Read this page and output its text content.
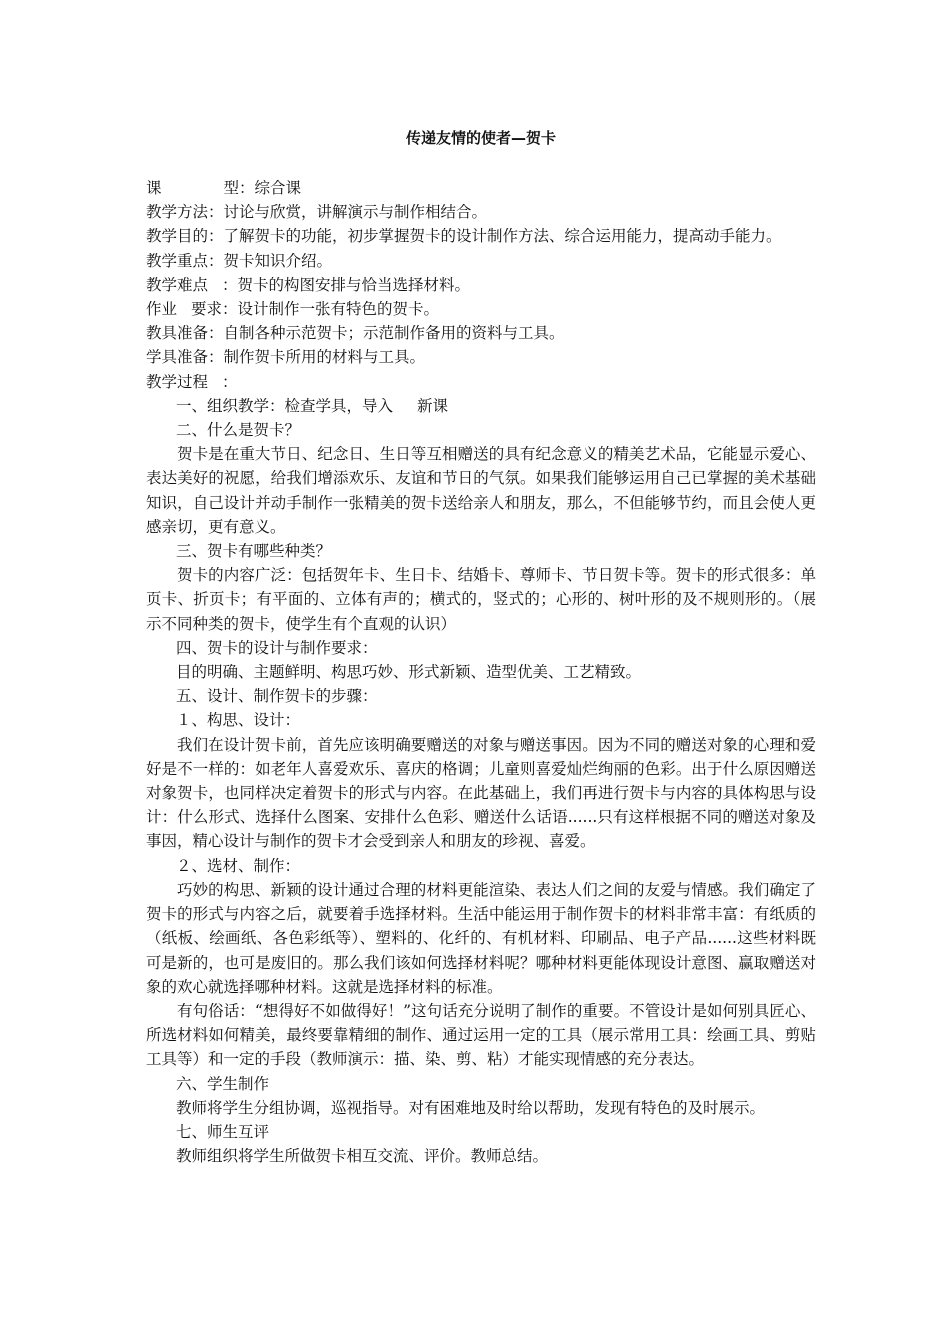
传递友情的使者—贺卡

课	型：综合课

教学方法：讨论与欣赏，讲解演示与制作相结合。

教学目的：了解贺卡的功能，初步掌握贺卡的设计制作方法、综合运用能力，提高动手能力。

教学重点：贺卡知识介绍。

教学难点 ：贺卡的构图安排与恰当选择材料。

作业 要求：设计制作一张有特色的贺卡。

教具准备：自制各种示范贺卡；示范制作备用的资料与工具。

学具准备：制作贺卡所用的材料与工具。

教学过程 ：

一、组织教学：检查学具，导入 新课

二、什么是贺卡？

贺卡是在重大节日、纪念日、生日等互相赠送的具有纪念意义的精美艺术品，它能显示爱心、表达美好的祝愿，给我们增添欢乐、友谊和节日的气氛。如果我们能够运用自己已掌握的美术基础知识，自己设计并动手制作一张精美的贺卡送给亲人和朋友，那么，不但能够节约，而且会使人更感亲切，更有意义。

三、贺卡有哪些种类？

贺卡的内容广泛：包括贺年卡、生日卡、结婚卡、尊师卡、节日贺卡等。贺卡的形式很多：单页卡、折页卡；有平面的、立体有声的；横式的，竖式的；心形的、树叶形的及不规则形的。（展示不同种类的贺卡，使学生有个直观的认识）

四、贺卡的设计与制作要求：

目的明确、主题鲜明、构思巧妙、形式新颖、造型优美、工艺精致。

五、设计、制作贺卡的步骤：

１、构思、设计：

我们在设计贺卡前，首先应该明确要赠送的对象与赠送事因。因为不同的赠送对象的心理和爱好是不一样的：如老年人喜爱欢乐、喜庆的格调；儿童则喜爱灿烂绚丽的色彩。出于什么原因赠送对象贺卡，也同样决定着贺卡的形式与内容。在此基础上，我们再进行贺卡与内容的具体构思与设计：什么形式、选择什么图案、安排什么色彩、赠送什么话语......只有这样根据不同的赠送对象及事因，精心设计与制作的贺卡才会受到亲人和朋友的珍视、喜爱。

２、选材、制作：

巧妙的构思、新颖的设计通过合理的材料更能渲染、表达人们之间的友爱与情感。我们确定了贺卡的形式与内容之后，就要着手选择材料。生活中能运用于制作贺卡的材料非常丰富：有纸质的（纸板、绘画纸、各色彩纸等）、塑料的、化纤的、有机材料、印刷品、电子产品......这些材料既可是新的，也可是废旧的。那么我们该如何选择材料呢？哪种材料更能体现设计意图、赢取赠送对象的欢心就选择哪种材料。这就是选择材料的标准。

有句俗话：“想得好不如做得好！”这句话充分说明了制作的重要。不管设计是如何别具匠心、所选材料如何精美，最终要靠精细的制作、通过运用一定的工具（展示常用工具：绘画工具、剪贴工具等）和一定的手段（教师演示：描、染、剪、粘）才能实现情感的充分表达。

六、学生制作

教师将学生分组协调，巡视指导。对有困难地及时给以帮助，发现有特色的及时展示。

七、师生互评

教师组织将学生所做贺卡相互交流、评价。教师总结。
